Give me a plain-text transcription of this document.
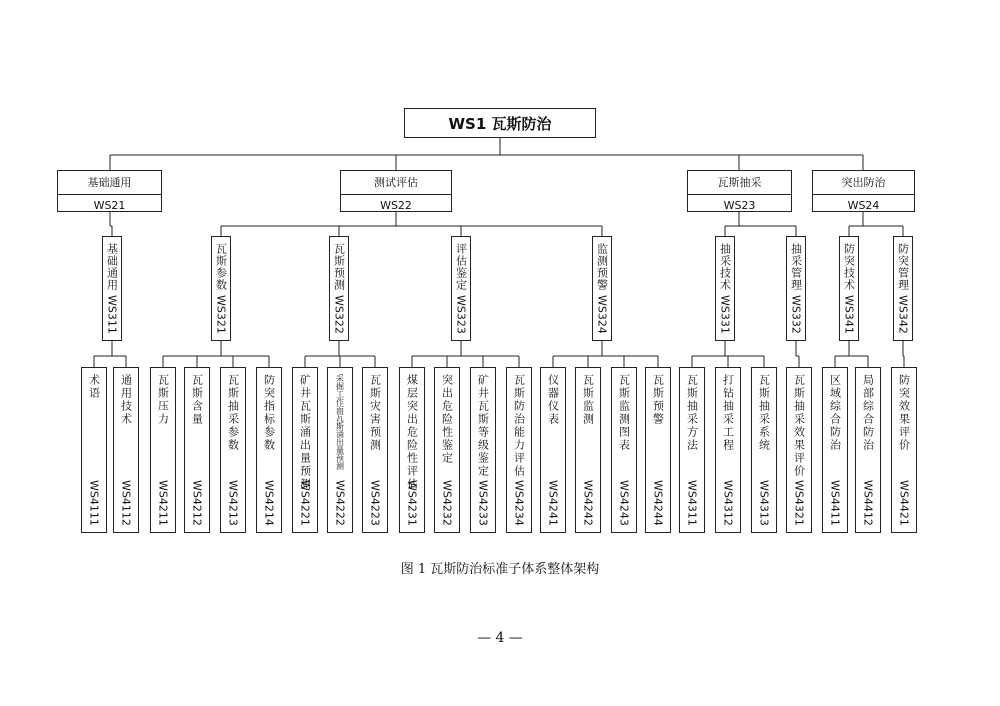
WS1 瓦斯防治
基础通用
WS21
测试评估
WS22
瓦斯抽采
WS23
突出防治
WS24
基础通用
WS311
瓦斯参数
WS321
瓦斯预测
WS322
评估鉴定
WS323
监测预警
WS324
抽采技术
WS331
抽采管理
WS332
防突技术
WS341
防突管理
WS342
术语
WS4111
通用技术
WS4112
瓦斯压力
WS4211
瓦斯含量
WS4212
瓦斯抽采参数
WS4213
防突指标参数
WS4214
矿井瓦斯涌出量预测
WS4221
采掘工作面瓦斯涌出量预测
WS4222
瓦斯灾害预测
WS4223
煤层突出危险性评估
WS4231
突出危险性鉴定
WS4232
矿井瓦斯等级鉴定
WS4233
瓦斯防治能力评估
WS4234
仪器仪表
WS4241
瓦斯监测
WS4242
瓦斯监测图表
WS4243
瓦斯预警
WS4244
瓦斯抽采方法
WS4311
打钻抽采工程
WS4312
瓦斯抽采系统
WS4313
瓦斯抽采效果评价
WS4321
区域综合防治
WS4411
局部综合防治
WS4412
防突效果评价
WS4421
图 1 瓦斯防治标准子体系整体架构
— 4 —
